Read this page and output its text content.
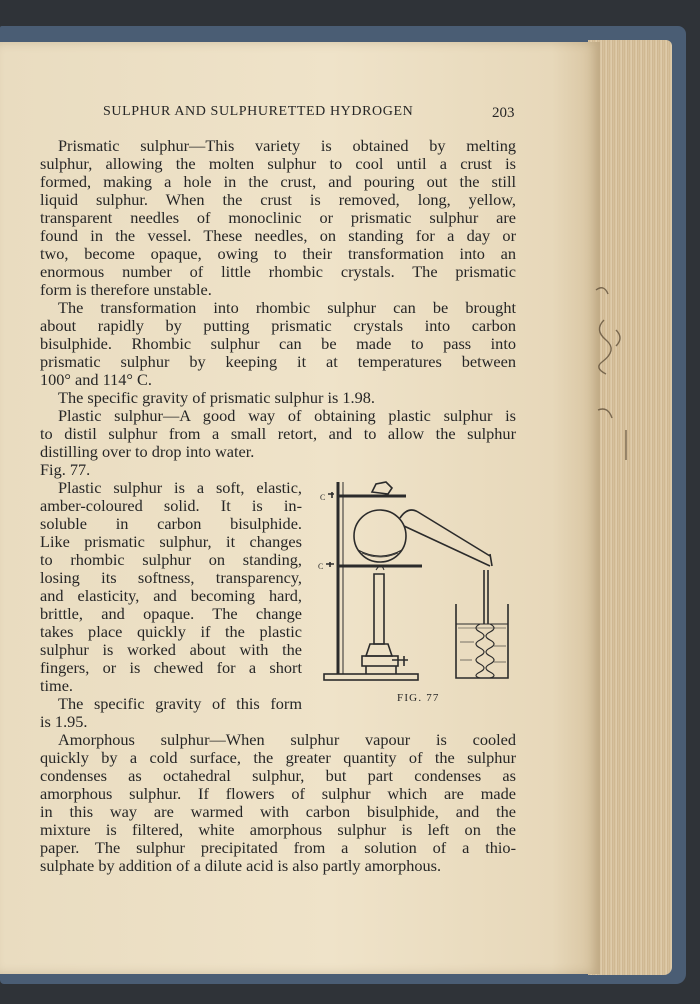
SULPHUR AND SULPHURETTED HYDROGEN	203
Prismatic sulphur—This variety is obtained by melting
sulphur, allowing the molten sulphur to cool until a crust is
formed, making a hole in the crust, and pouring out the still
liquid sulphur. When the crust is removed, long, yellow,
transparent needles of monoclinic or prismatic sulphur are
found in the vessel. These needles, on standing for a day or
two, become opaque, owing to their transformation into an
enormous number of little rhombic crystals. The prismatic
form is therefore unstable.
The transformation into rhombic sulphur can be brought
about rapidly by putting prismatic crystals into carbon
bisulphide. Rhombic sulphur can be made to pass into
prismatic sulphur by keeping it at temperatures between
100° and 114° C.
The specific gravity of prismatic sulphur is 1.98.
Plastic sulphur—A good way of obtaining plastic sulphur is
to distil sulphur from a small retort, and to allow the sulphur
distilling over to drop into water.
Fig. 77.
Plastic sulphur is a soft, elastic,
amber-coloured solid. It is in-
soluble in carbon bisulphide.
Like prismatic sulphur, it changes
to rhombic sulphur on standing,
losing its softness, transparency,
and elasticity, and becoming hard,
brittle, and opaque. The change
takes place quickly if the plastic
sulphur is worked about with the
fingers, or is chewed for a short
time.
The specific gravity of this form
is 1.95.
Amorphous sulphur—When sulphur vapour is cooled
quickly by a cold surface, the greater quantity of the sulphur
condenses as octahedral sulphur, but part condenses as
amorphous sulphur. If flowers of sulphur which are made
in this way are warmed with carbon bisulphide, and the
mixture is filtered, white amorphous sulphur is left on the
paper. The sulphur precipitated from a solution of a thio-
sulphate by addition of a dilute acid is also partly amorphous.
C
C
FIG. 77
